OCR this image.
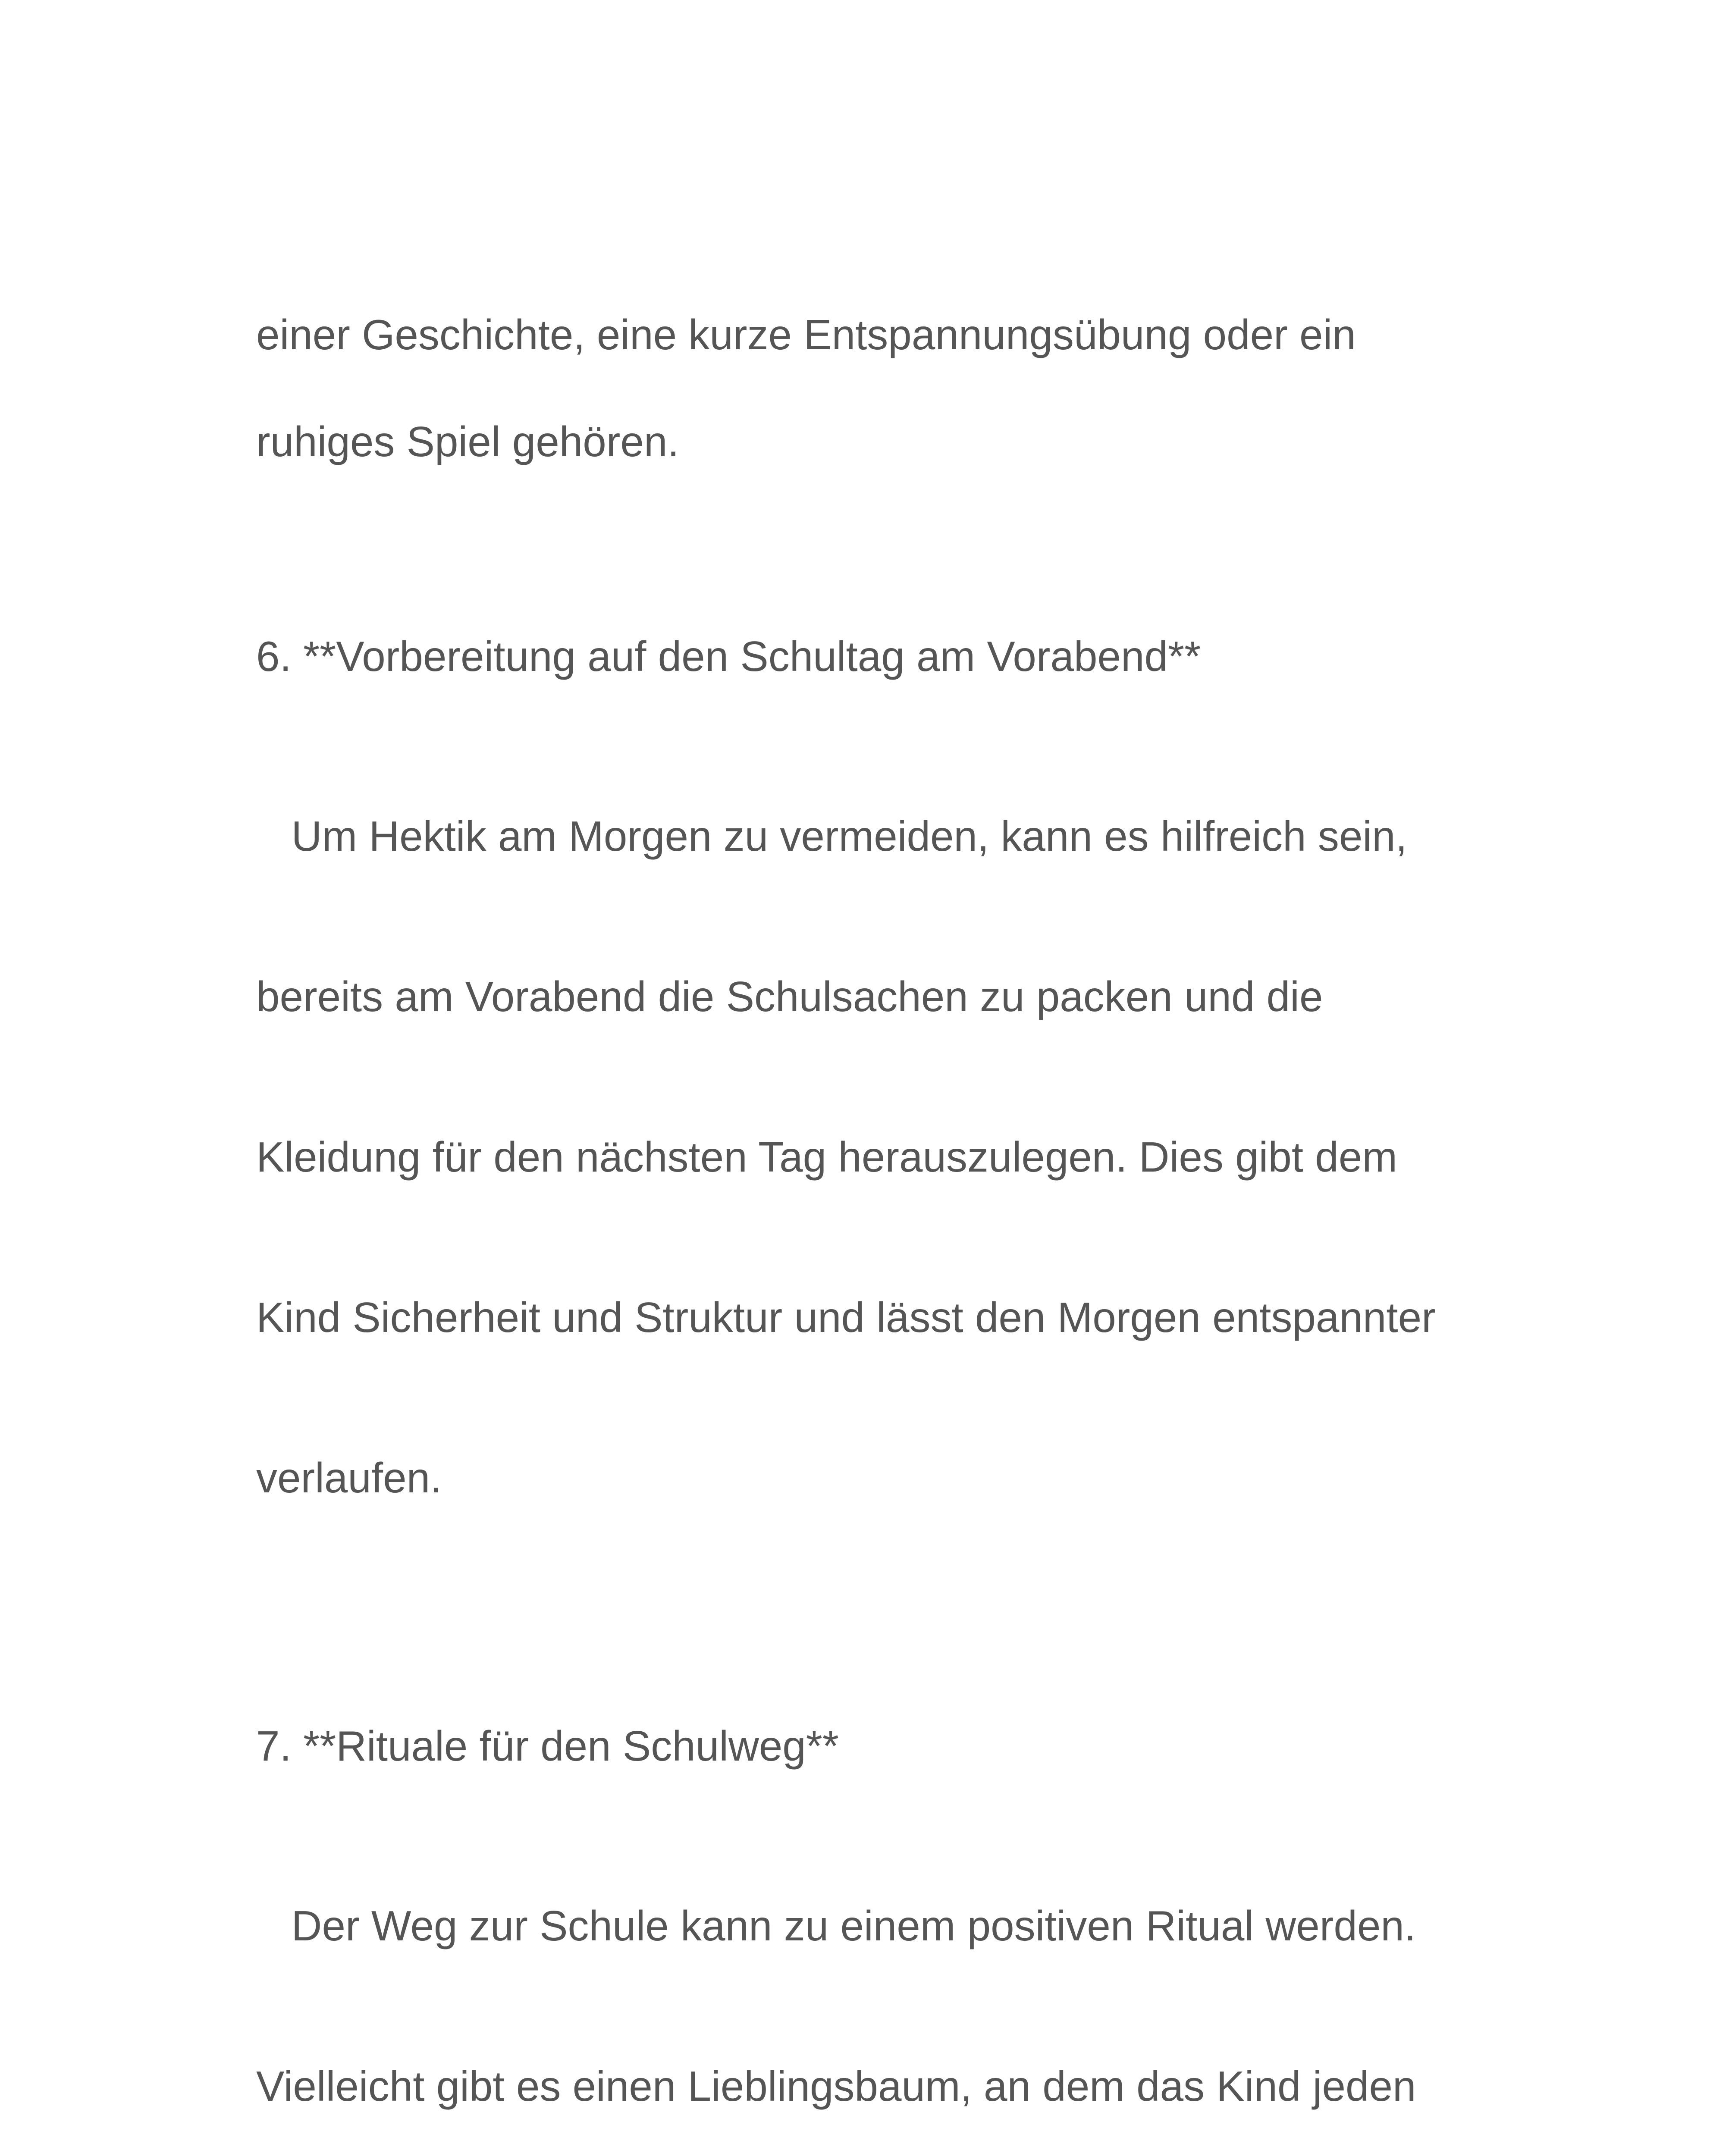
einer Geschichte, eine kurze Entspannungsübung oder ein

ruhiges Spiel gehören.

6. **Vorbereitung auf den Schultag am Vorabend**

Um Hektik am Morgen zu vermeiden, kann es hilfreich sein,

bereits am Vorabend die Schulsachen zu packen und die

Kleidung für den nächsten Tag herauszulegen. Dies gibt dem

Kind Sicherheit und Struktur und lässt den Morgen entspannter

verlaufen.

7. **Rituale für den Schulweg**

Der Weg zur Schule kann zu einem positiven Ritual werden.

Vielleicht gibt es einen Lieblingsbaum, an dem das Kind jeden
